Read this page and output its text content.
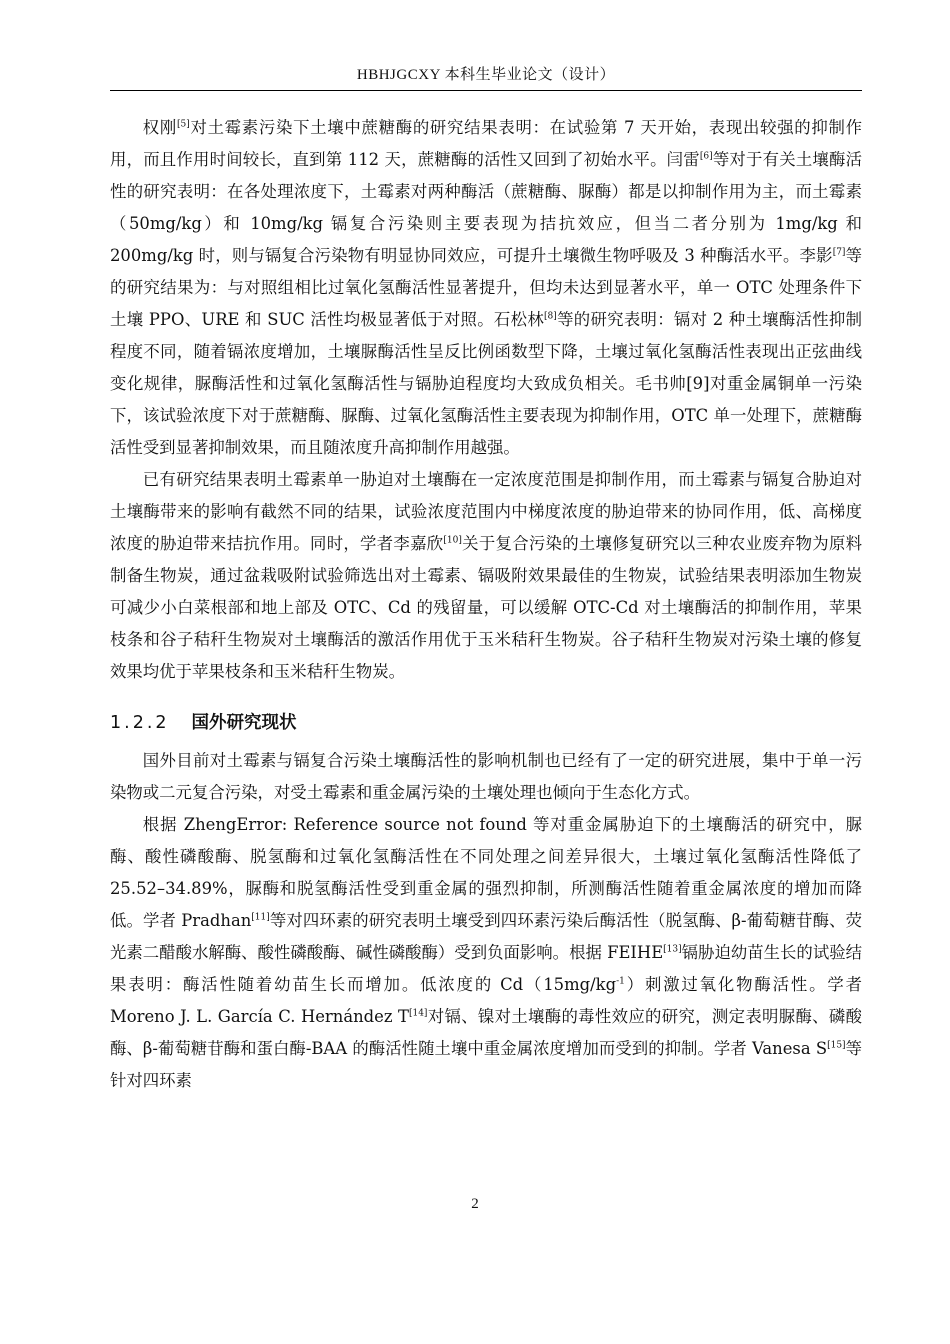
HBHJGCXY 本科生毕业论文（设计）

权刚[5]对土霉素污染下土壤中蔗糖酶的研究结果表明：在试验第 7 天开始，表现出较强的抑制作用，而且作用时间较长，直到第 112 天，蔗糖酶的活性又回到了初始水平。闫雷[6]等对于有关土壤酶活性的研究表明：在各处理浓度下，土霉素对两种酶活（蔗糖酶、脲酶）都是以抑制作用为主，而土霉素（50mg/kg）和 10mg/kg 镉复合污染则主要表现为拮抗效应，但当二者分别为 1mg/kg 和 200mg/kg 时，则与镉复合污染物有明显协同效应，可提升土壤微生物呼吸及 3 种酶活水平。李影[7]等的研究结果为：与对照组相比过氧化氢酶活性显著提升，但均未达到显著水平，单一 OTC 处理条件下土壤 PPO、URE 和 SUC 活性均极显著低于对照。石松林[8]等的研究表明：镉对 2 种土壤酶活性抑制程度不同，随着镉浓度增加，土壤脲酶活性呈反比例函数型下降，土壤过氧化氢酶活性表现出正弦曲线变化规律，脲酶活性和过氧化氢酶活性与镉胁迫程度均大致成负相关。毛书帅[9]对重金属铜单一污染下，该试验浓度下对于蔗糖酶、脲酶、过氧化氢酶活性主要表现为抑制作用，OTC 单一处理下，蔗糖酶活性受到显著抑制效果，而且随浓度升高抑制作用越强。

已有研究结果表明土霉素单一胁迫对土壤酶在一定浓度范围是抑制作用，而土霉素与镉复合胁迫对土壤酶带来的影响有截然不同的结果，试验浓度范围内中梯度浓度的胁迫带来的协同作用，低、高梯度浓度的胁迫带来拮抗作用。同时，学者李嘉欣[10]关于复合污染的土壤修复研究以三种农业废弃物为原料制备生物炭，通过盆栽吸附试验筛选出对土霉素、镉吸附效果最佳的生物炭，试验结果表明添加生物炭可减少小白菜根部和地上部及 OTC、Cd 的残留量，可以缓解 OTC-Cd 对土壤酶活的抑制作用，苹果枝条和谷子秸秆生物炭对土壤酶活的激活作用优于玉米秸秆生物炭。谷子秸秆生物炭对污染土壤的修复效果均优于苹果枝条和玉米秸秆生物炭。

1.2.2 国外研究现状

国外目前对土霉素与镉复合污染土壤酶活性的影响机制也已经有了一定的研究进展，集中于单一污染物或二元复合污染，对受土霉素和重金属污染的土壤处理也倾向于生态化方式。

根据 ZhengError: Reference source not found 等对重金属胁迫下的土壤酶活的研究中，脲酶、酸性磷酸酶、脱氢酶和过氧化氢酶活性在不同处理之间差异很大，土壤过氧化氢酶活性降低了 25.52–34.89%，脲酶和脱氢酶活性受到重金属的强烈抑制，所测酶活性随着重金属浓度的增加而降低。学者 Pradhan[11]等对四环素的研究表明土壤受到四环素污染后酶活性（脱氢酶、β-葡萄糖苷酶、荧光素二醋酸水解酶、酸性磷酸酶、碱性磷酸酶）受到负面影响。根据 FEIHE[13]镉胁迫幼苗生长的试验结果表明：酶活性随着幼苗生长而增加。低浓度的 $Cd(15mg/kg^{-1})$刺激过氧化物酶活性。学者 Moreno J. L. García C. Hernández T[14]对镉、镍对土壤酶的毒性效应的研究，测定表明脲酶、磷酸酶、β-葡萄糖苷酶和蛋白酶-BAA 的酶活性随土壤中重金属浓度增加而受到的抑制。学者 Vanesa S[15]等针对四环素

2
